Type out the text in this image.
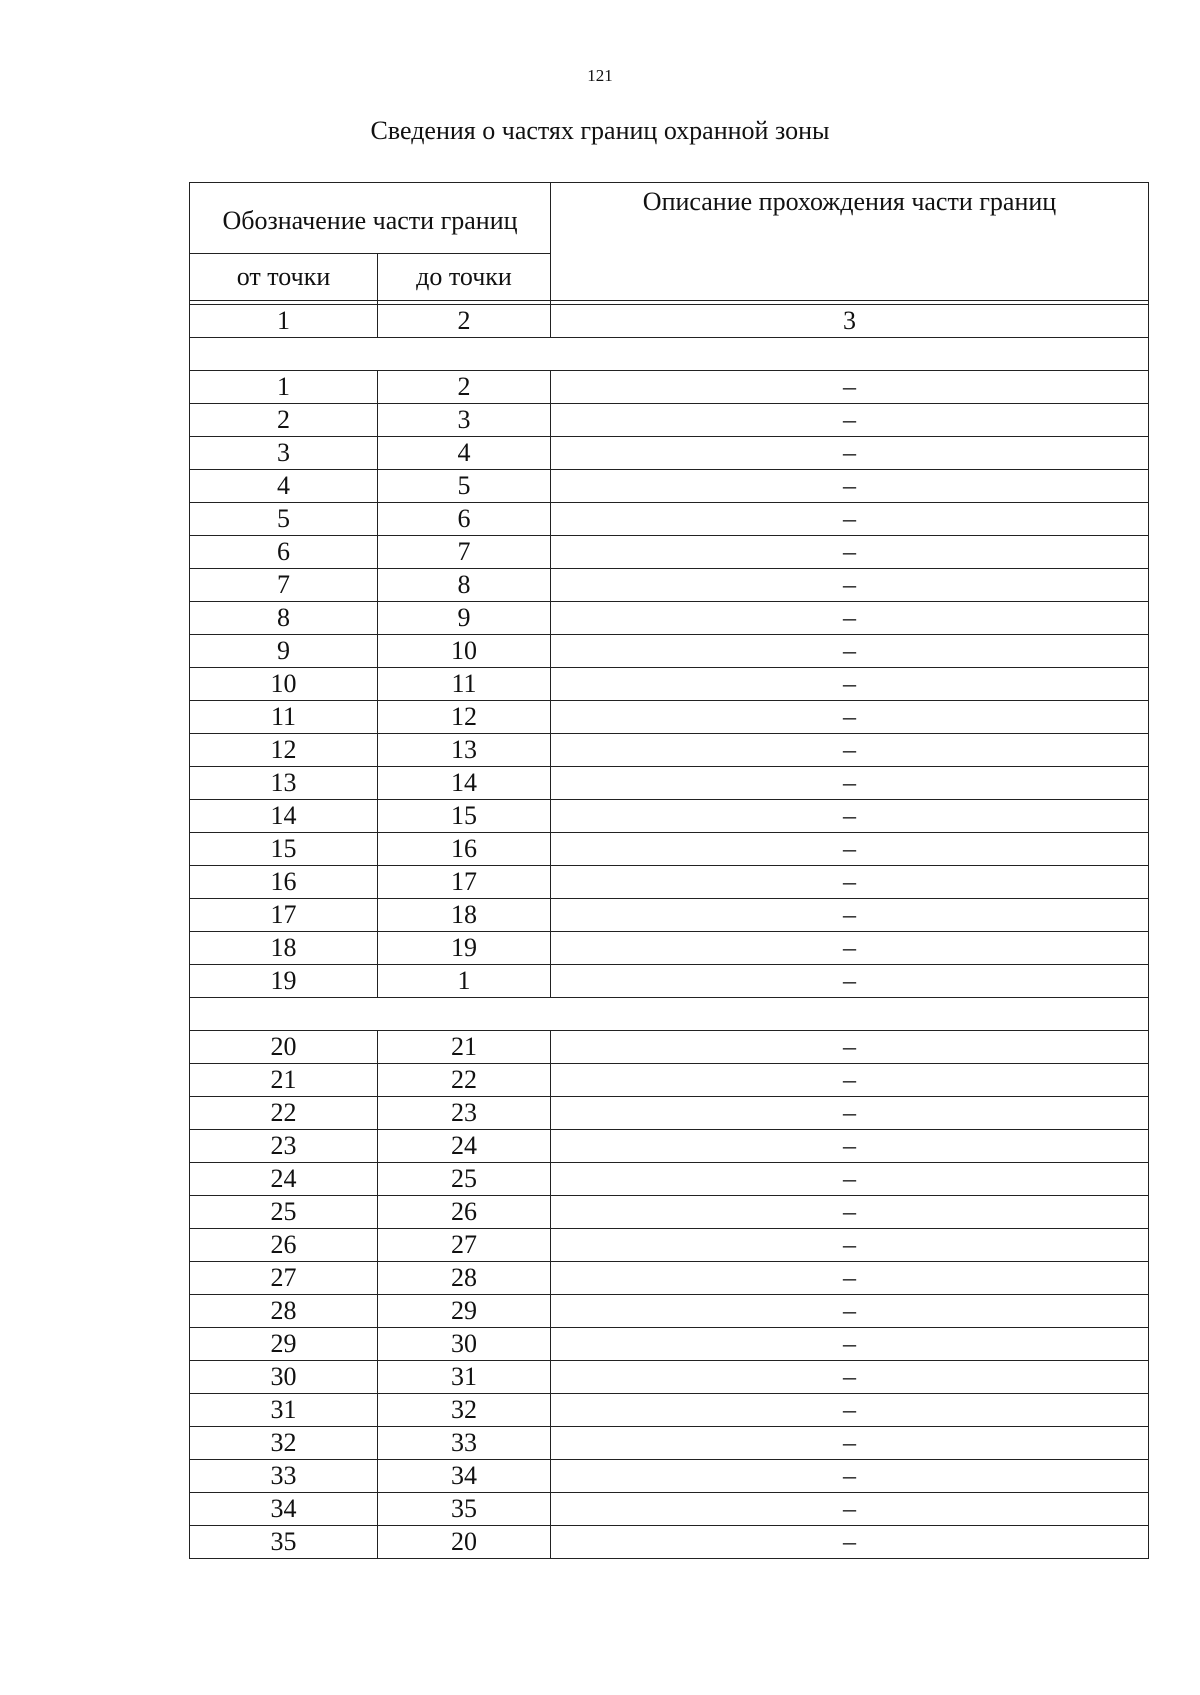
121
Сведения о частях границ охранной зоны
Обозначение части границ		Описание прохождения части границ

от точки	до точки	

1	2	3

1	2	–
2	3	–
3	4	–
4	5	–
5	6	–
6	7	–
7	8	–
8	9	–
9	10	–
10	11	–
11	12	–
12	13	–
13	14	–
14	15	–
15	16	–
16	17	–
17	18	–
18	19	–
19	1	–

20	21	–
21	22	–
22	23	–
23	24	–
24	25	–
25	26	–
26	27	–
27	28	–
28	29	–
29	30	–
30	31	–
31	32	–
32	33	–
33	34	–
34	35	–
35	20	–
